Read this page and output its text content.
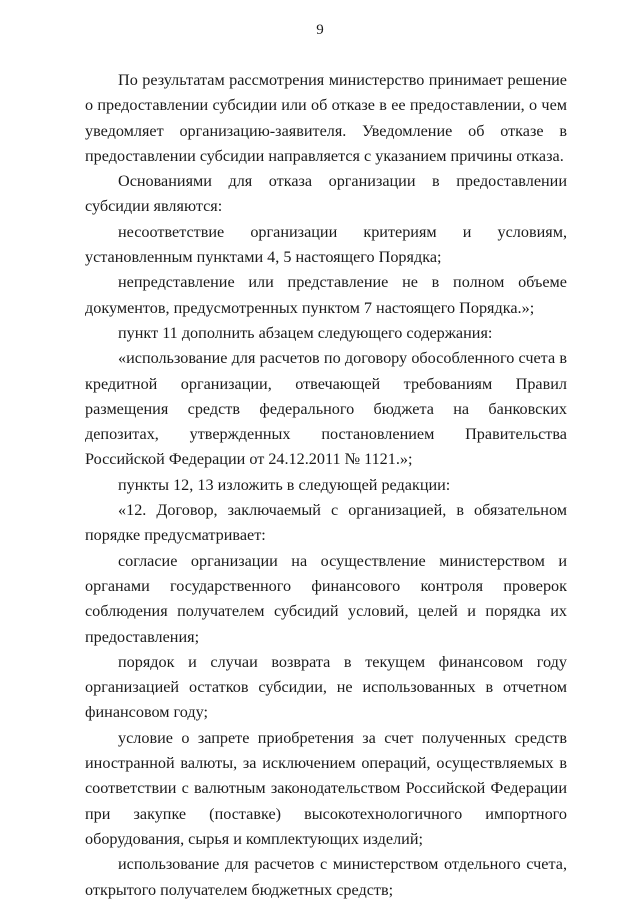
9

По результатам рассмотрения министерство принимает решение о предоставлении субсидии или об отказе в ее предоставлении, о чем уведомляет организацию-заявителя. Уведомление об отказе в предоставлении субсидии направляется с указанием причины отказа.

Основаниями для отказа организации в предоставлении субсидии являются:

несоответствие организации критериям и условиям, установленным пунктами 4, 5 настоящего Порядка;

непредставление или представление не в полном объеме документов, предусмотренных пунктом 7 настоящего Порядка.»;

пункт 11 дополнить абзацем следующего содержания:

«использование для расчетов по договору обособленного счета в кредитной организации, отвечающей требованиям Правил размещения средств федерального бюджета на банковских депозитах, утвержденных постановлением Правительства Российской Федерации от 24.12.2011 № 1121.»;

пункты 12, 13 изложить в следующей редакции:

«12. Договор, заключаемый с организацией, в обязательном порядке предусматривает:

согласие организации на осуществление министерством и органами государственного финансового контроля проверок соблюдения получателем субсидий условий, целей и порядка их предоставления;

порядок и случаи возврата в текущем финансовом году организацией остатков субсидии, не использованных в отчетном финансовом году;

условие о запрете приобретения за счет полученных средств иностранной валюты, за исключением операций, осуществляемых в соответствии с валютным законодательством Российской Федерации при закупке (поставке) высокотехнологичного импортного оборудования, сырья и комплектующих изделий;

использование для расчетов с министерством отдельного счета, открытого получателем бюджетных средств;
